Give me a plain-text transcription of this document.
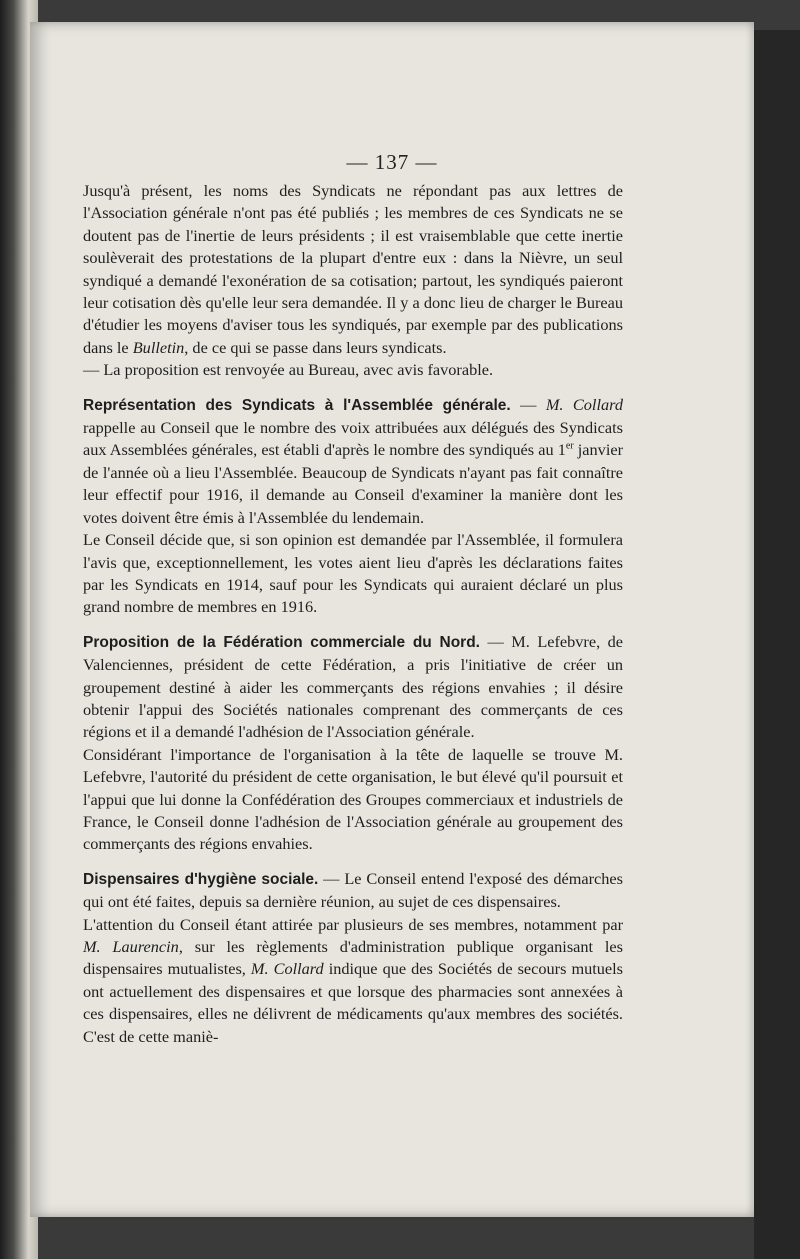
— 137 —

Jusqu'à présent, les noms des Syndicats ne répondant pas aux lettres de l'Association générale n'ont pas été publiés ; les membres de ces Syndicats ne se doutent pas de l'inertie de leurs présidents ; il est vraisemblable que cette inertie soulèverait des protestations de la plupart d'entre eux : dans la Nièvre, un seul syndiqué a demandé l'exonération de sa cotisation; partout, les syndiqués paieront leur cotisation dès qu'elle leur sera demandée. Il y a donc lieu de charger le Bureau d'étudier les moyens d'aviser tous les syndiqués, par exemple par des publications dans le Bulletin, de ce qui se passe dans leurs syndicats.

— La proposition est renvoyée au Bureau, avec avis favorable.

Représentation des Syndicats à l'Assemblée générale. — M. Collard rappelle au Conseil que le nombre des voix attribuées aux délégués des Syndicats aux Assemblées générales, est établi d'après le nombre des syndiqués au 1er janvier de l'année où a lieu l'Assemblée. Beaucoup de Syndicats n'ayant pas fait connaître leur effectif pour 1916, il demande au Conseil d'examiner la manière dont les votes doivent être émis à l'Assemblée du lendemain.

Le Conseil décide que, si son opinion est demandée par l'Assemblée, il formulera l'avis que, exceptionnellement, les votes aient lieu d'après les déclarations faites par les Syndicats en 1914, sauf pour les Syndicats qui auraient déclaré un plus grand nombre de membres en 1916.

Proposition de la Fédération commerciale du Nord. — M. Lefebvre, de Valenciennes, président de cette Fédération, a pris l'initiative de créer un groupement destiné à aider les commerçants des régions envahies ; il désire obtenir l'appui des Sociétés nationales comprenant des commerçants de ces régions et il a demandé l'adhésion de l'Association générale.

Considérant l'importance de l'organisation à la tête de laquelle se trouve M. Lefebvre, l'autorité du président de cette organisation, le but élevé qu'il poursuit et l'appui que lui donne la Confédération des Groupes commerciaux et industriels de France, le Conseil donne l'adhésion de l'Association générale au groupement des commerçants des régions envahies.

Dispensaires d'hygiène sociale. — Le Conseil entend l'exposé des démarches qui ont été faites, depuis sa dernière réunion, au sujet de ces dispensaires.

L'attention du Conseil étant attirée par plusieurs de ses membres, notamment par M. Laurencin, sur les règlements d'administration publique organisant les dispensaires mutualistes, M. Collard indique que des Sociétés de secours mutuels ont actuellement des dispensaires et que lorsque des pharmacies sont annexées à ces dispensaires, elles ne délivrent de médicaments qu'aux membres des sociétés. C'est de cette maniè-
